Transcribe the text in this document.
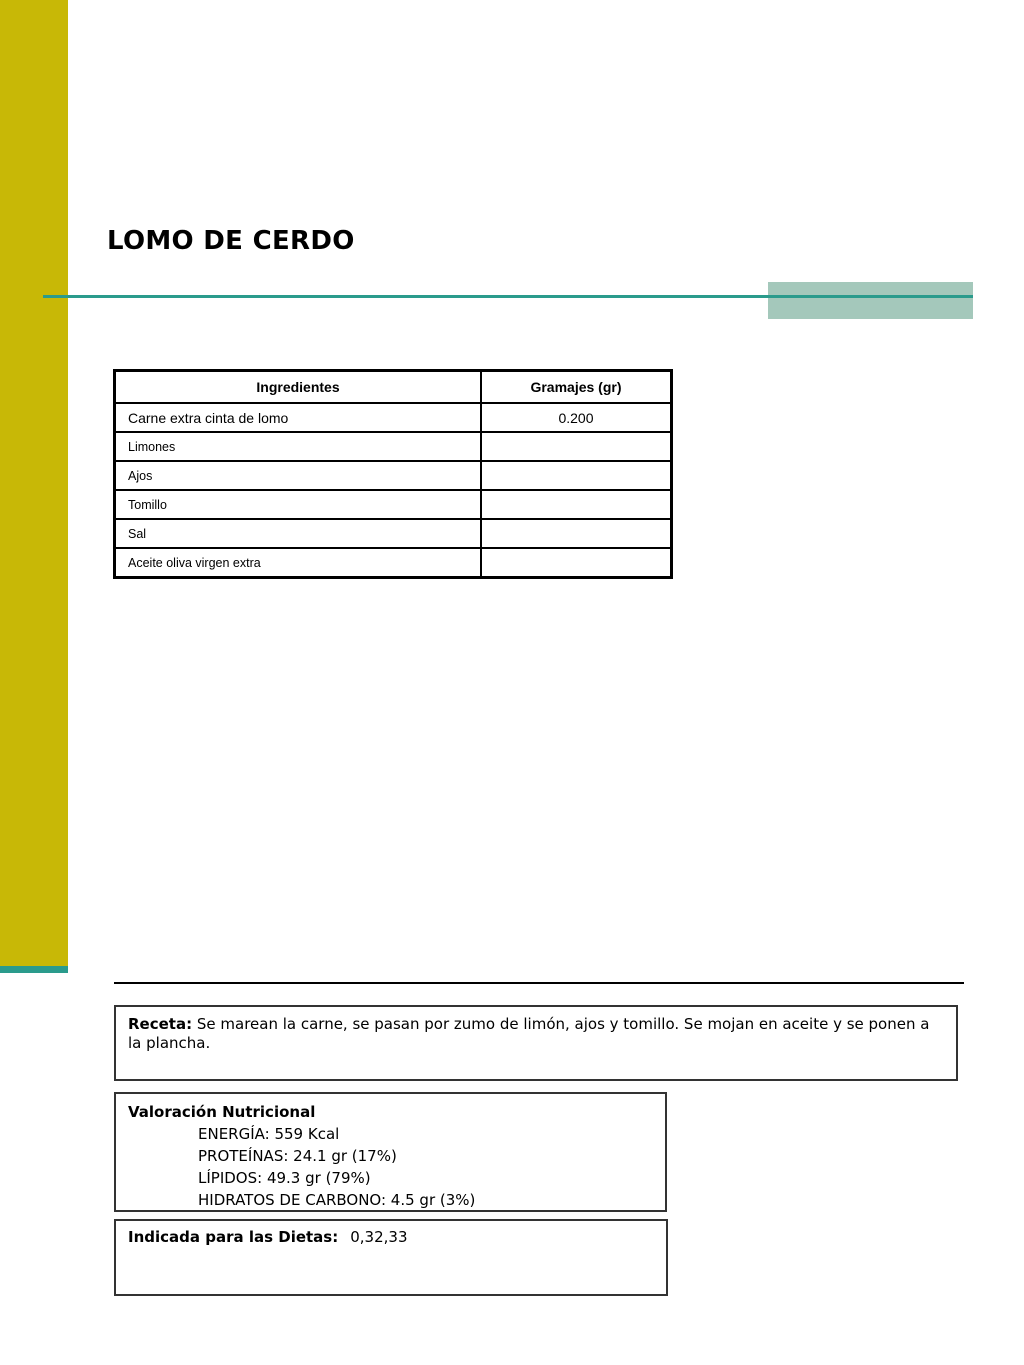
LOMO DE CERDO
Ingredientes	Gramajes (gr)
Carne extra cinta de lomo	0.200
Limones	
Ajos	
Tomillo	
Sal	
Aceite oliva virgen extra	
Receta: Se marean la carne, se pasan por zumo de limón, ajos y tomillo. Se mojan en aceite y se ponen a la plancha.
Valoración Nutricional
ENERGÍA: 559 Kcal
PROTEÍNAS: 24.1 gr (17%)
LÍPIDOS: 49.3 gr (79%)
HIDRATOS DE CARBONO: 4.5 gr (3%)
Indicada para las Dietas: 0,32,33
